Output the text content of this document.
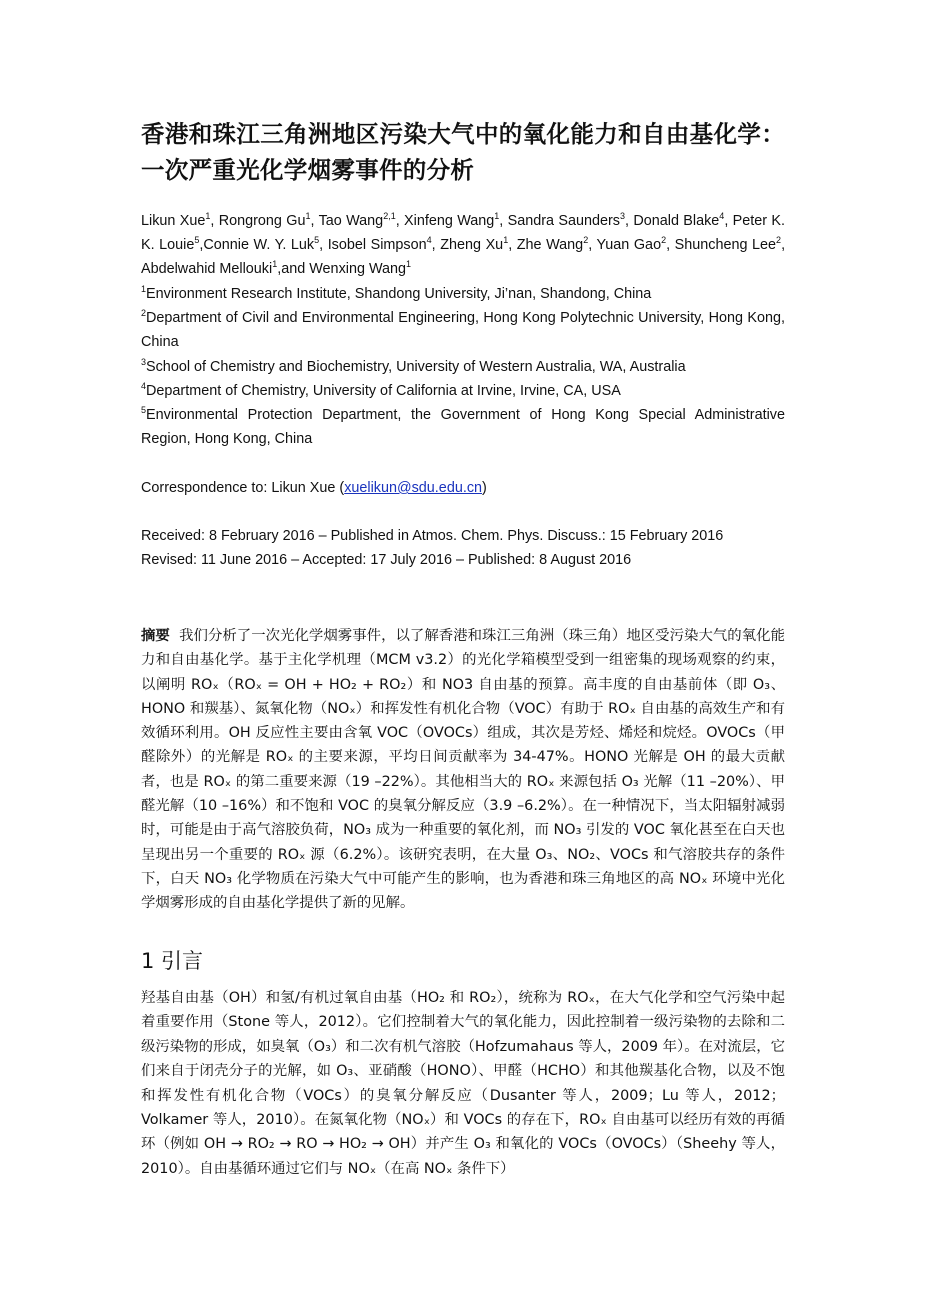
香港和珠江三角洲地区污染大气中的氧化能力和自由基化学：一次严重光化学烟雾事件的分析
Likun Xue$^1$, Rongrong Gu$^1$, Tao Wang$^{2,1}$, Xinfeng Wang$^1$, Sandra Saunders$^3$, Donald Blake$^4$, Peter K. K. Louie$^5$,Connie W. Y. Luk$^5$, Isobel Simpson$^4$, Zheng Xu$^1$, Zhe Wang$^2$, Yuan Gao$^2$, Shuncheng Lee$^2$, Abdelwahid Mellouki$^1$,and Wenxing Wang$^1$
$^1$Environment Research Institute, Shandong University, Ji’nan, Shandong, China
$^2$Department of Civil and Environmental Engineering, Hong Kong Polytechnic University, Hong Kong, China
$^3$School of Chemistry and Biochemistry, University of Western Australia, WA, Australia
$^4$Department of Chemistry, University of California at Irvine, Irvine, CA, USA
$^5$Environmental Protection Department, the Government of Hong Kong Special Administrative Region, Hong Kong, China
Correspondence to: Likun Xue (xuelikun@sdu.edu.cn)
Received: 8 February 2016 – Published in Atmos. Chem. Phys. Discuss.: 15 February 2016
Revised: 11 June 2016 – Accepted: 17 July 2016 – Published: 8 August 2016
摘要 我们分析了一次光化学烟雾事件，以了解香港和珠江三角洲（珠三角）地区受污染大气的氧化能力和自由基化学。基于主化学机理（MCM v3.2）的光化学箱模型受到一组密集的现场观察的约束，以阐明 ROₓ（ROₓ = OH + HO₂ + RO₂）和 NO3 自由基的预算。高丰度的自由基前体（即 O₃、HONO 和羰基）、氮氧化物（NOₓ）和挥发性有机化合物（VOC）有助于 ROₓ 自由基的高效生产和有效循环利用。OH 反应性主要由含氧 VOC（OVOCs）组成，其次是芳烃、烯烃和烷烃。OVOCs（甲醛除外）的光解是 ROₓ 的主要来源，平均日间贡献率为 34-47%。HONO 光解是 OH 的最大贡献者，也是 ROₓ 的第二重要来源（19 –22%）。其他相当大的 ROₓ 来源包括 O₃ 光解（11 –20%）、甲醛光解（10 –16%）和不饱和 VOC 的臭氧分解反应（3.9 –6.2%）。在一种情况下，当太阳辐射减弱时，可能是由于高气溶胶负荷，NO₃ 成为一种重要的氧化剂，而 NO₃ 引发的 VOC 氧化甚至在白天也呈现出另一个重要的 ROₓ 源（6.2%）。该研究表明，在大量 O₃、NO₂、VOCs 和气溶胶共存的条件下，白天 NO₃ 化学物质在污染大气中可能产生的影响，也为香港和珠三角地区的高 NOₓ 环境中光化学烟雾形成的自由基化学提供了新的见解。
1 引言
羟基自由基（OH）和氢/有机过氧自由基（HO₂ 和 RO₂），统称为 ROₓ，在大气化学和空气污染中起着重要作用（Stone 等人，2012）。它们控制着大气的氧化能力，因此控制着一级污染物的去除和二级污染物的形成，如臭氧（O₃）和二次有机气溶胶（Hofzumahaus 等人，2009 年）。在对流层，它们来自于闭壳分子的光解，如 O₃、亚硝酸（HONO）、甲醛（HCHO）和其他羰基化合物，以及不饱和挥发性有机化合物（VOCs）的臭氧分解反应（Dusanter 等人，2009；Lu 等人，2012；Volkamer 等人，2010）。在氮氧化物（NOₓ）和 VOCs 的存在下，ROₓ 自由基可以经历有效的再循环（例如 OH → RO₂ → RO → HO₂ → OH）并产生 O₃ 和氧化的 VOCs（OVOCs）（Sheehy 等人，2010）。自由基循环通过它们与 NOₓ（在高 NOₓ 条件下）
